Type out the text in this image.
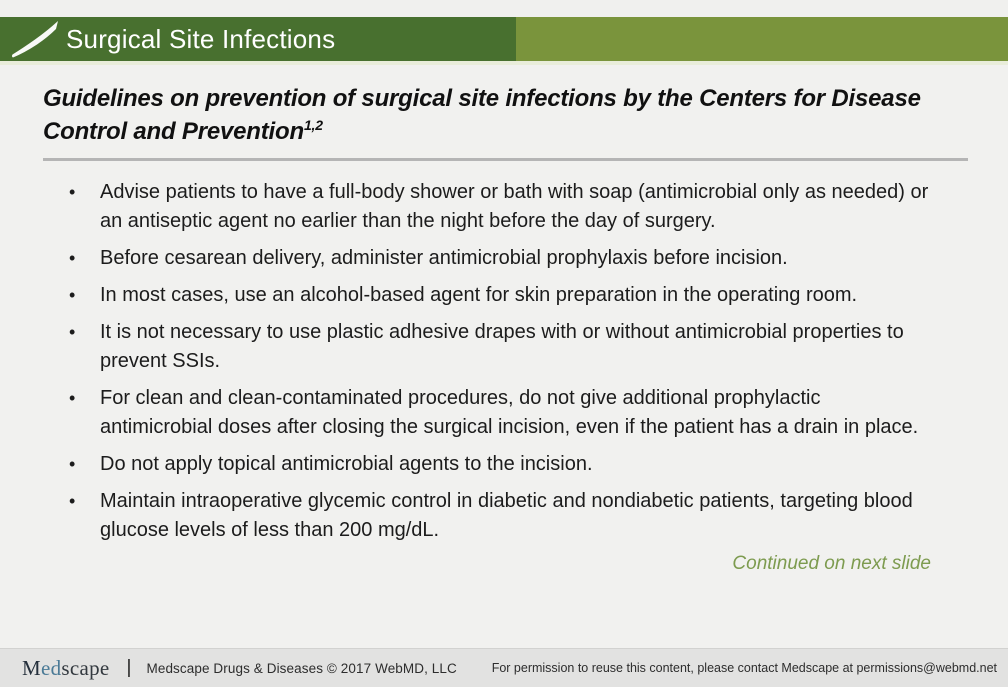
Surgical Site Infections
Guidelines on prevention of surgical site infections by the Centers for Disease Control and Prevention$^{1,2}$
• Advise patients to have a full-body shower or bath with soap (antimicrobial only as needed) or an antiseptic agent no earlier than the night before the day of surgery.
• Before cesarean delivery, administer antimicrobial prophylaxis before incision.
• In most cases, use an alcohol-based agent for skin preparation in the operating room.
• It is not necessary to use plastic adhesive drapes with or without antimicrobial properties to prevent SSIs.
• For clean and clean-contaminated procedures, do not give additional prophylactic antimicrobial doses after closing the surgical incision, even if the patient has a drain in place.
• Do not apply topical antimicrobial agents to the incision.
• Maintain intraoperative glycemic control in diabetic and nondiabetic patients, targeting blood glucose levels of less than 200 mg/dL.
Continued on next slide
Medscape | Medscape Drugs & Diseases © 2017 WebMD, LLC	For permission to reuse this content, please contact Medscape at permissions@webmd.net
